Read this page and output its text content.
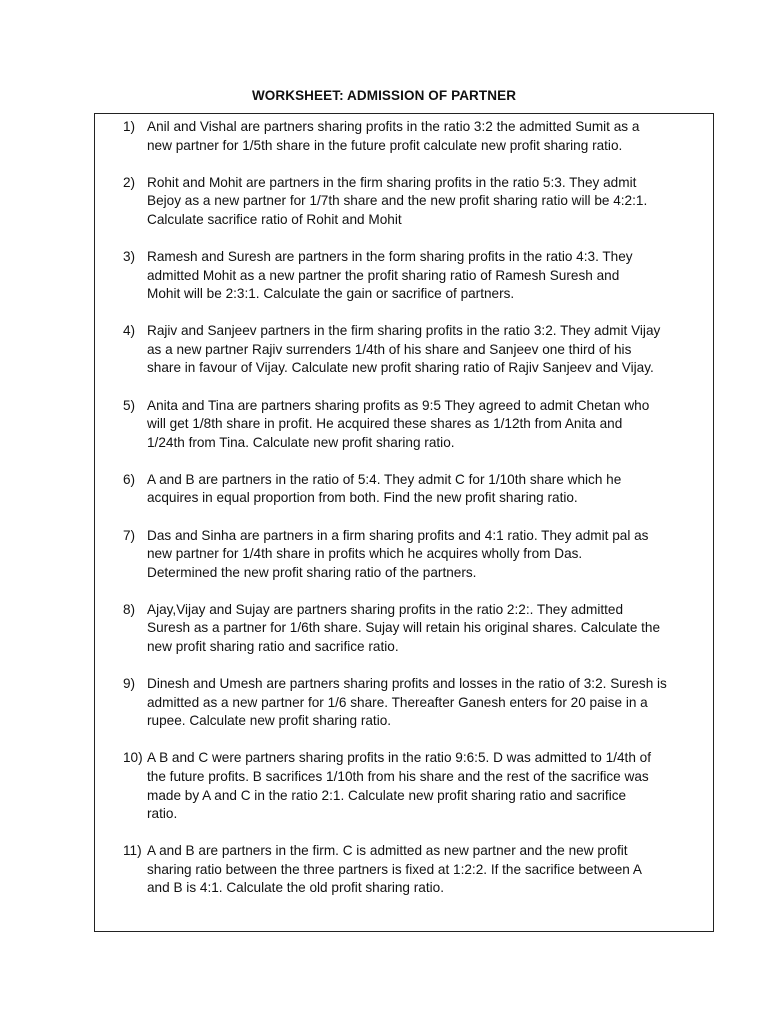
WORKSHEET: ADMISSION OF PARTNER
1) Anil and Vishal are partners sharing profits in the ratio 3:2 the admitted Sumit as a
new partner for 1/5th share in the future profit calculate new profit sharing ratio.
2) Rohit and Mohit are partners in the firm sharing profits in the ratio 5:3. They admit
Bejoy as a new partner for 1/7th share and the new profit sharing ratio will be 4:2:1.
Calculate sacrifice ratio of Rohit and Mohit
3) Ramesh and Suresh are partners in the form sharing profits in the ratio 4:3. They
admitted Mohit as a new partner the profit sharing ratio of Ramesh Suresh and
Mohit will be 2:3:1. Calculate the gain or sacrifice of partners.
4) Rajiv and Sanjeev partners in the firm sharing profits in the ratio 3:2. They admit Vijay
as a new partner Rajiv surrenders 1/4th of his share and Sanjeev one third of his
share in favour of Vijay. Calculate new profit sharing ratio of Rajiv Sanjeev and Vijay.
5) Anita and Tina are partners sharing profits as 9:5 They agreed to admit Chetan who
will get 1/8th share in profit. He acquired these shares as 1/12th from Anita and
1/24th from Tina. Calculate new profit sharing ratio.
6) A and B are partners in the ratio of 5:4. They admit C for 1/10th share which he
acquires in equal proportion from both. Find the new profit sharing ratio.
7) Das and Sinha are partners in a firm sharing profits and 4:1 ratio. They admit pal as
new partner for 1/4th share in profits which he acquires wholly from Das.
Determined the new profit sharing ratio of the partners.
8) Ajay,Vijay and Sujay are partners sharing profits in the ratio 2:2:. They admitted
Suresh as a partner for 1/6th share. Sujay will retain his original shares. Calculate the
new profit sharing ratio and sacrifice ratio.
9) Dinesh and Umesh are partners sharing profits and losses in the ratio of 3:2. Suresh is
admitted as a new partner for 1/6 share. Thereafter Ganesh enters for 20 paise in a
rupee. Calculate new profit sharing ratio.
10) A B and C were partners sharing profits in the ratio 9:6:5. D was admitted to 1/4th of
the future profits. B sacrifices 1/10th from his share and the rest of the sacrifice was
made by A and C in the ratio 2:1. Calculate new profit sharing ratio and sacrifice
ratio.
11) A and B are partners in the firm. C is admitted as new partner and the new profit
sharing ratio between the three partners is fixed at 1:2:2. If the sacrifice between A
and B is 4:1. Calculate the old profit sharing ratio.
